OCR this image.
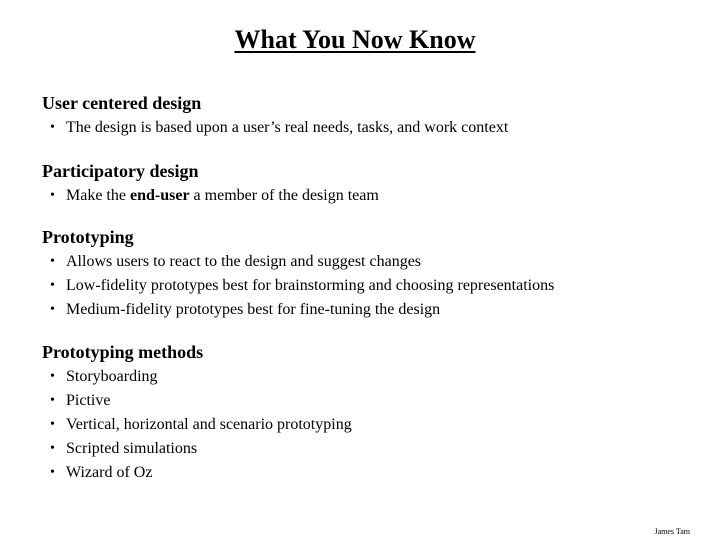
What You Now Know
User centered design
• The design is based upon a user’s real needs, tasks, and work context
Participatory design
• Make the end-user a member of the design team
Prototyping
• Allows users to react to the design and suggest changes
• Low-fidelity prototypes best for brainstorming and choosing representations
• Medium-fidelity prototypes best for fine-tuning the design
Prototyping methods
• Storyboarding
• Pictive
• Vertical, horizontal and scenario prototyping
• Scripted simulations
• Wizard of Oz
James Tam
